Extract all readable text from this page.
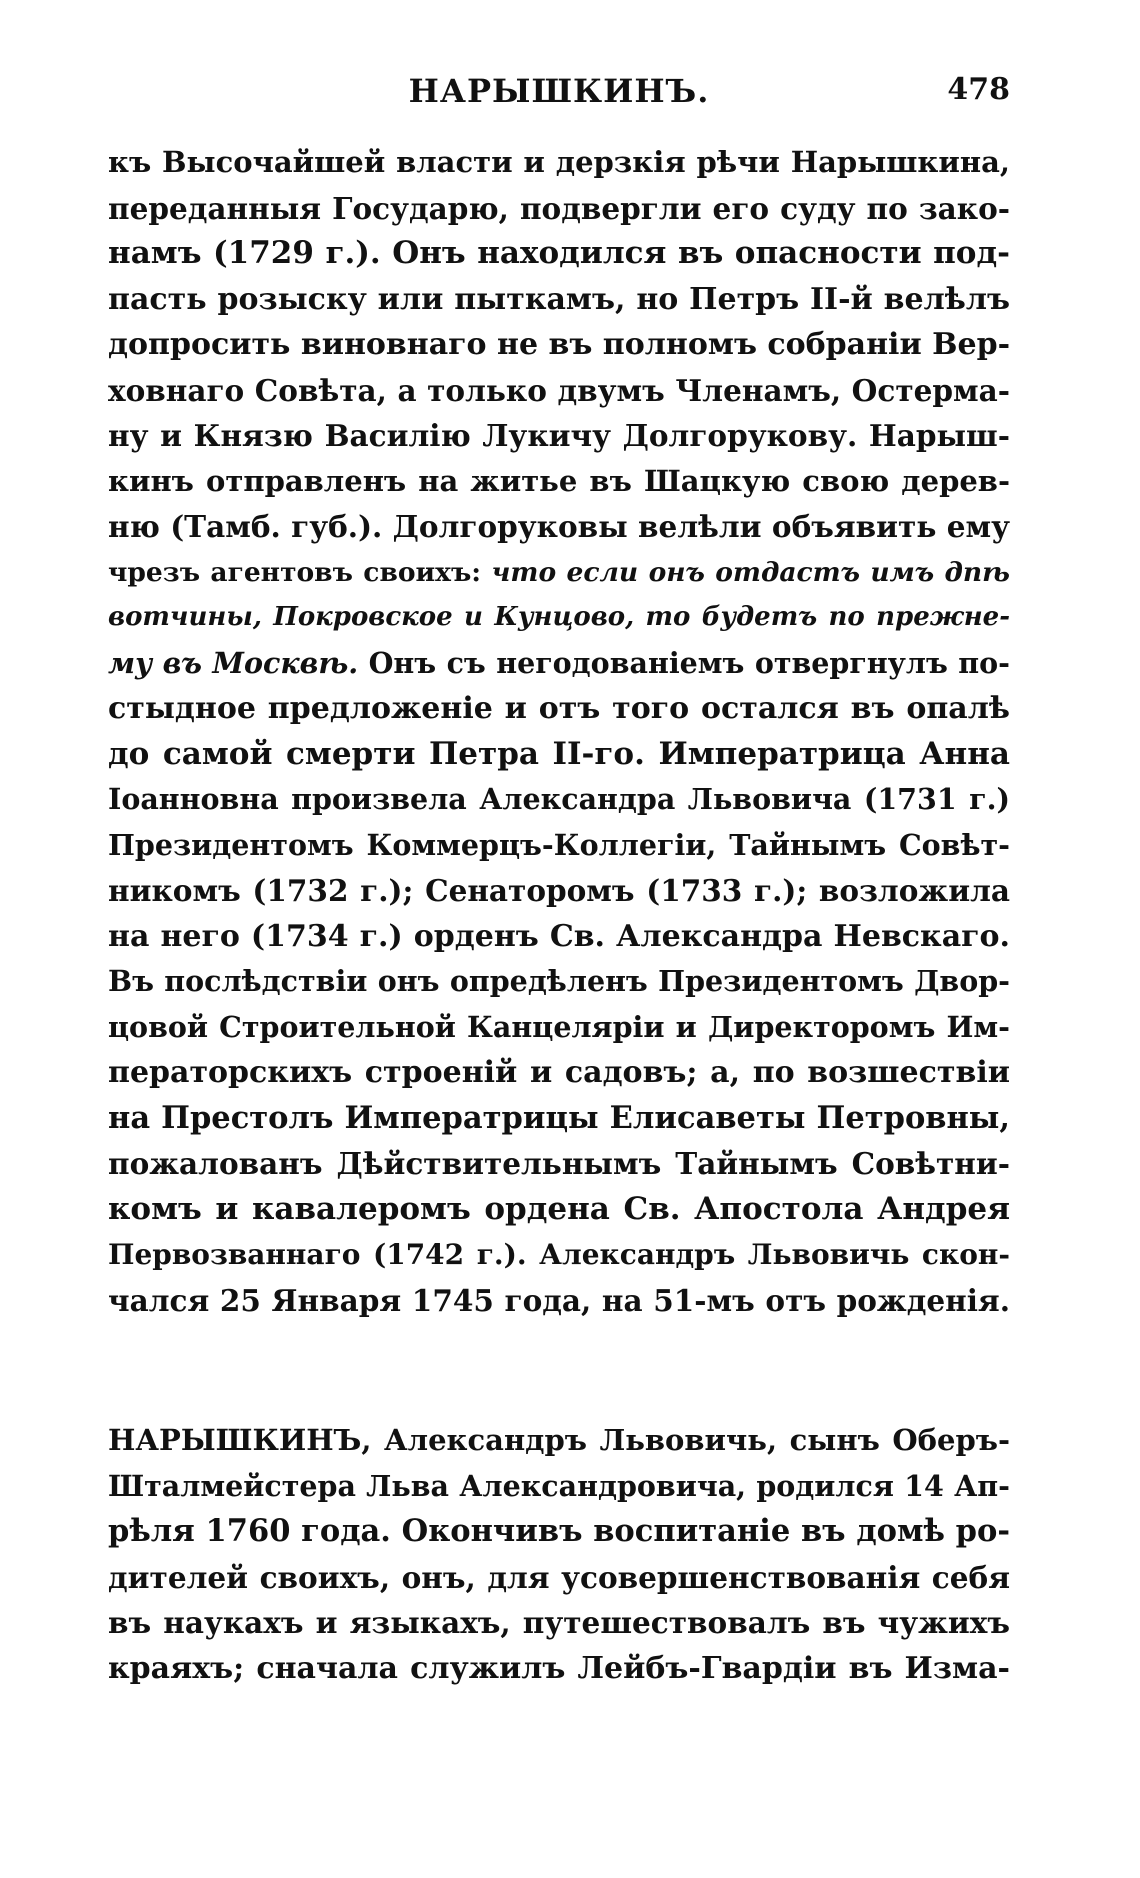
НАРЫШКИНЪ.	478
къ Высочайшей власти и дерзкія рѣчи Нарышкина,
переданныя Государю, подвергли его суду по зако-
намъ (1729 г.). Онъ находился въ опасности под-
пасть розыску или пыткамъ, но Петръ II-й велѣлъ
допросить виновнаго не въ полномъ собраніи Вер-
ховнаго Совѣта, а только двумъ Членамъ, Остерма-
ну и Князю Василію Лукичу Долгорукову. Нарыш-
кинъ отправленъ на житье въ Шацкую свою дерев-
ню (Тамб. губ.). Долгоруковы велѣли объявить ему
чрезъ агентовъ своихъ: что если онъ отдастъ имъ дпѣ
вотчины, Покровское и Кунцово, то будетъ по прежне-
му въ Москвѣ. Онъ съ негодованіемъ отвергнулъ по-
стыдное предложеніе и отъ того остался въ опалѣ
до самой смерти Петра II-го. Императрица Анна
Іоанновна произвела Александра Львовича (1731 г.)
Президентомъ Коммерцъ-Коллегіи, Тайнымъ Совѣт-
никомъ (1732 г.); Сенаторомъ (1733 г.); возложила
на него (1734 г.) орденъ Св. Александра Невскаго.
Въ послѣдствіи онъ опредѣленъ Президентомъ Двор-
цовой Строительной Канцеляріи и Директоромъ Им-
ператорскихъ строеній и садовъ; а, по возшествіи
на Престолъ Императрицы Елисаветы Петровны,
пожалованъ Дѣйствительнымъ Тайнымъ Совѣтни-
комъ и кавалеромъ ордена Св. Апостола Андрея
Первозваннаго (1742 г.). Александръ Львовичь скон-
чался 25 Января 1745 года, на 51-мъ отъ рожденія.
НАРЫШКИНЪ, Александръ Львовичь, сынъ Оберъ-
Шталмейстера Льва Александровича, родился 14 Ап-
рѣля 1760 года. Окончивъ воспитаніе въ домѣ ро-
дителей своихъ, онъ, для усовершенствованія себя
въ наукахъ и языкахъ, путешествовалъ въ чужихъ
краяхъ; сначала служилъ Лейбъ-Гвардіи въ Изма-
